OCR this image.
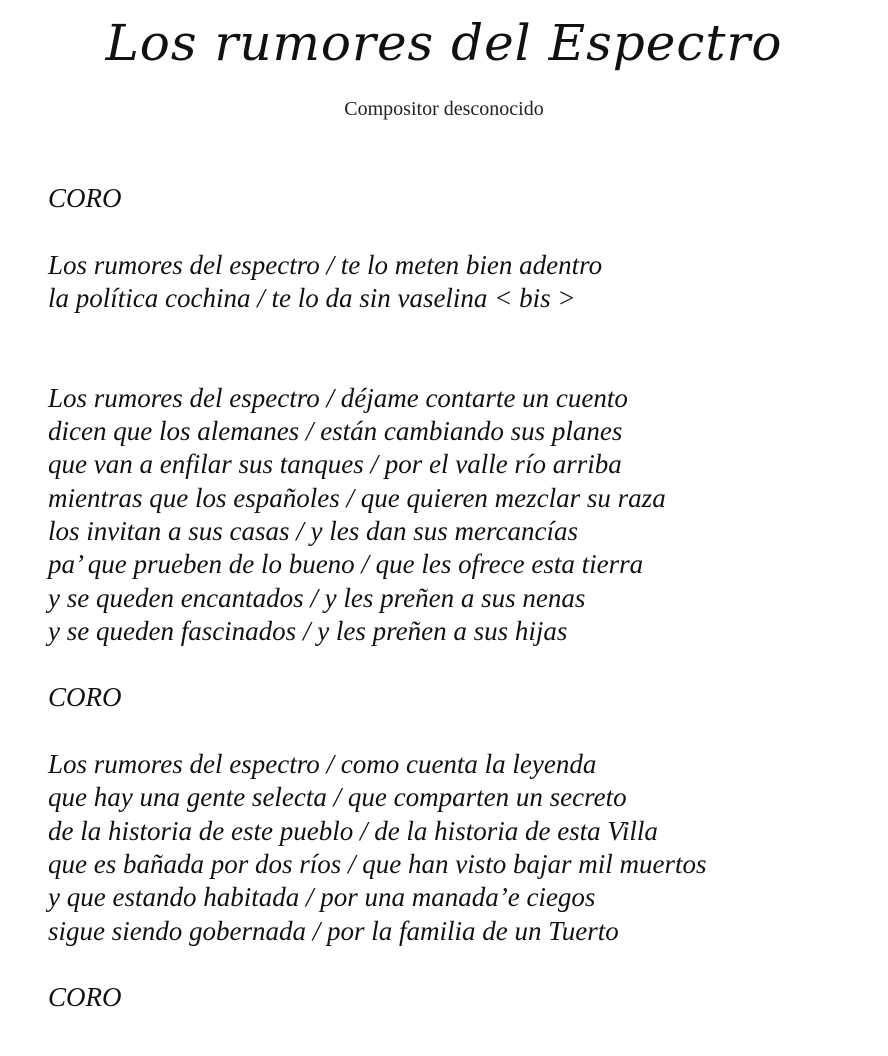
Los rumores del Espectro
Compositor desconocido
CORO
Los rumores del espectro / te lo meten bien adentro
la política cochina / te lo da sin vaselina < bis >
Los rumores del espectro / déjame contarte un cuento
dicen que los alemanes / están cambiando sus planes
que van a enfilar sus tanques / por el valle río arriba
mientras que los españoles / que quieren mezclar su raza
los invitan a sus casas / y les dan sus mercancías
pa’ que prueben de lo bueno / que les ofrece esta tierra
y se queden encantados / y les preñen a sus nenas
y se queden fascinados / y les preñen a sus hijas
CORO
Los rumores del espectro / como cuenta la leyenda
que hay una gente selecta / que comparten un secreto
de la historia de este pueblo / de la historia de esta Villa
que es bañada por dos ríos / que han visto bajar mil muertos
y que estando habitada / por una manada’e ciegos
sigue siendo gobernada / por la familia de un Tuerto
CORO
